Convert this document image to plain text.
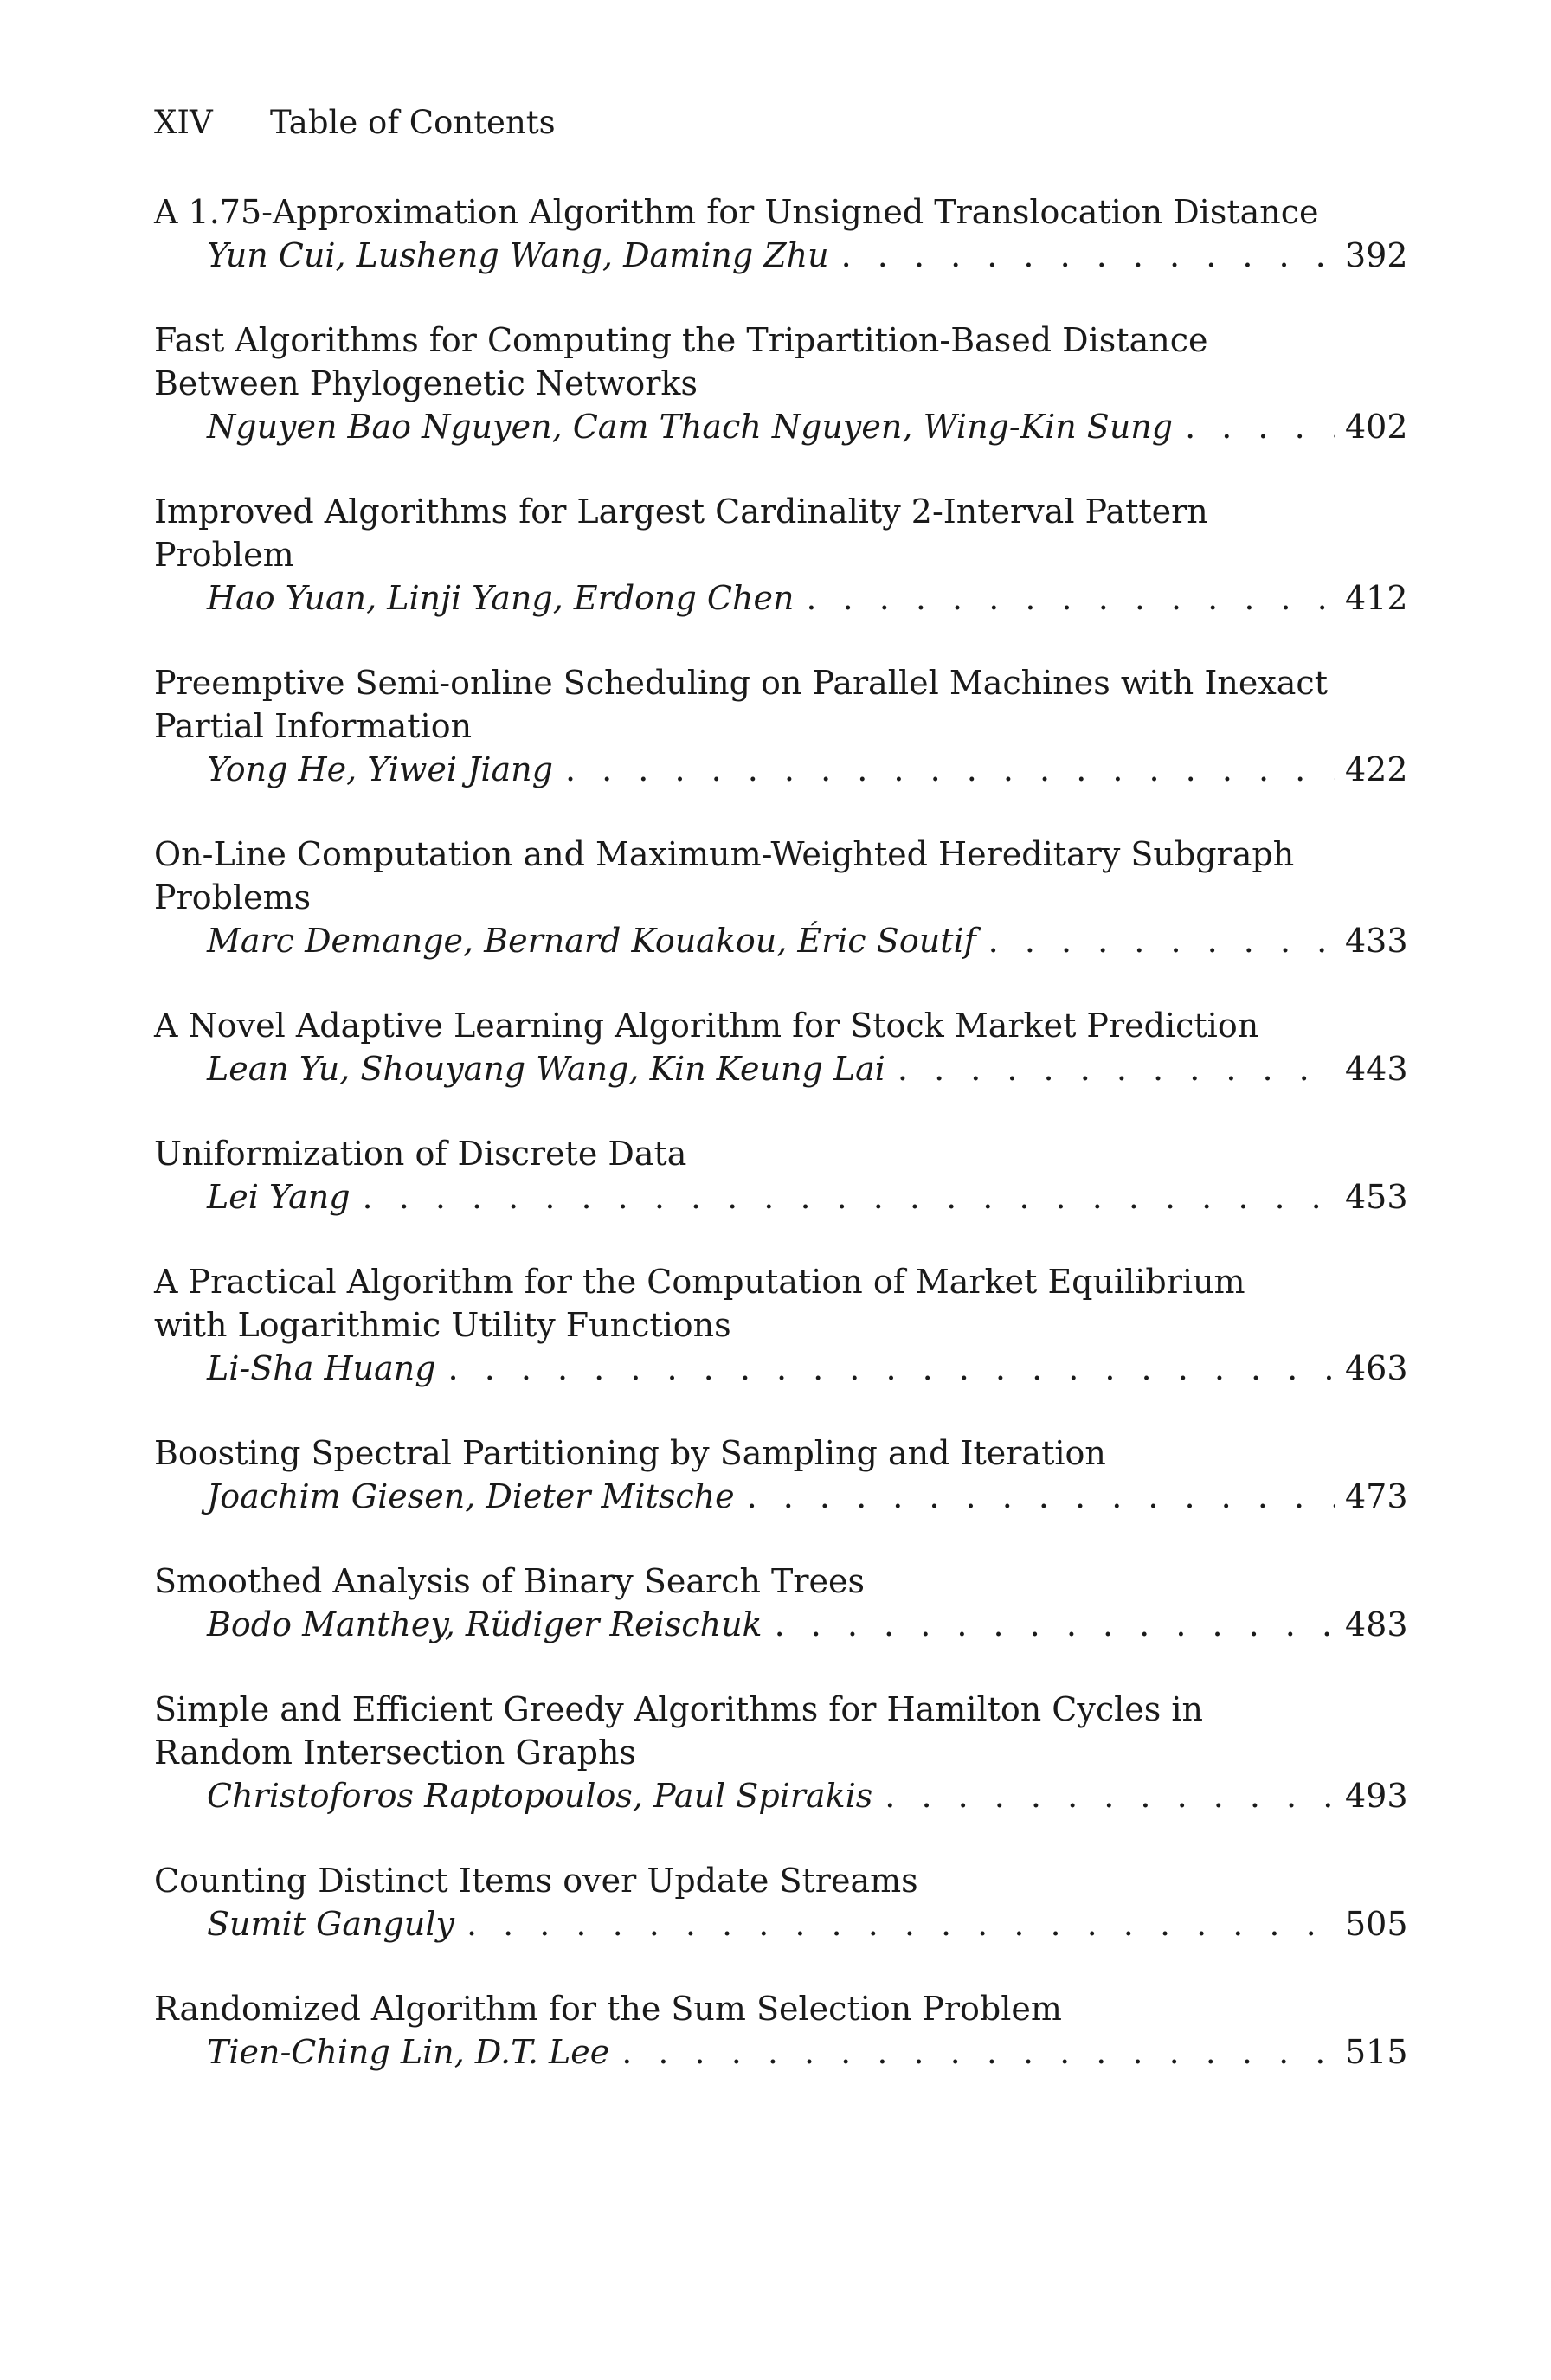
XIV Table of Contents
A 1.75-Approximation Algorithm for Unsigned Translocation Distance
Yun Cui, Lusheng Wang, Daming Zhu . . .	392
Fast Algorithms for Computing the Tripartition-Based Distance
Between Phylogenetic Networks
Nguyen Bao Nguyen, Cam Thach Nguyen, Wing-Kin Sung . . .	402
Improved Algorithms for Largest Cardinality 2-Interval Pattern
Problem
Hao Yuan, Linji Yang, Erdong Chen . . .	412
Preemptive Semi-online Scheduling on Parallel Machines with Inexact
Partial Information
Yong He, Yiwei Jiang . . .	422
On-Line Computation and Maximum-Weighted Hereditary Subgraph
Problems
Marc Demange, Bernard Kouakou, Éric Soutif . . .	433
A Novel Adaptive Learning Algorithm for Stock Market Prediction
Lean Yu, Shouyang Wang, Kin Keung Lai . . .	443
Uniformization of Discrete Data
Lei Yang . . .	453
A Practical Algorithm for the Computation of Market Equilibrium
with Logarithmic Utility Functions
Li-Sha Huang . . .	463
Boosting Spectral Partitioning by Sampling and Iteration
Joachim Giesen, Dieter Mitsche . . .	473
Smoothed Analysis of Binary Search Trees
Bodo Manthey, Rüdiger Reischuk . . .	483
Simple and Efficient Greedy Algorithms for Hamilton Cycles in
Random Intersection Graphs
Christoforos Raptopoulos, Paul Spirakis . . .	493
Counting Distinct Items over Update Streams
Sumit Ganguly . . .	505
Randomized Algorithm for the Sum Selection Problem
Tien-Ching Lin, D.T. Lee . . .	515
